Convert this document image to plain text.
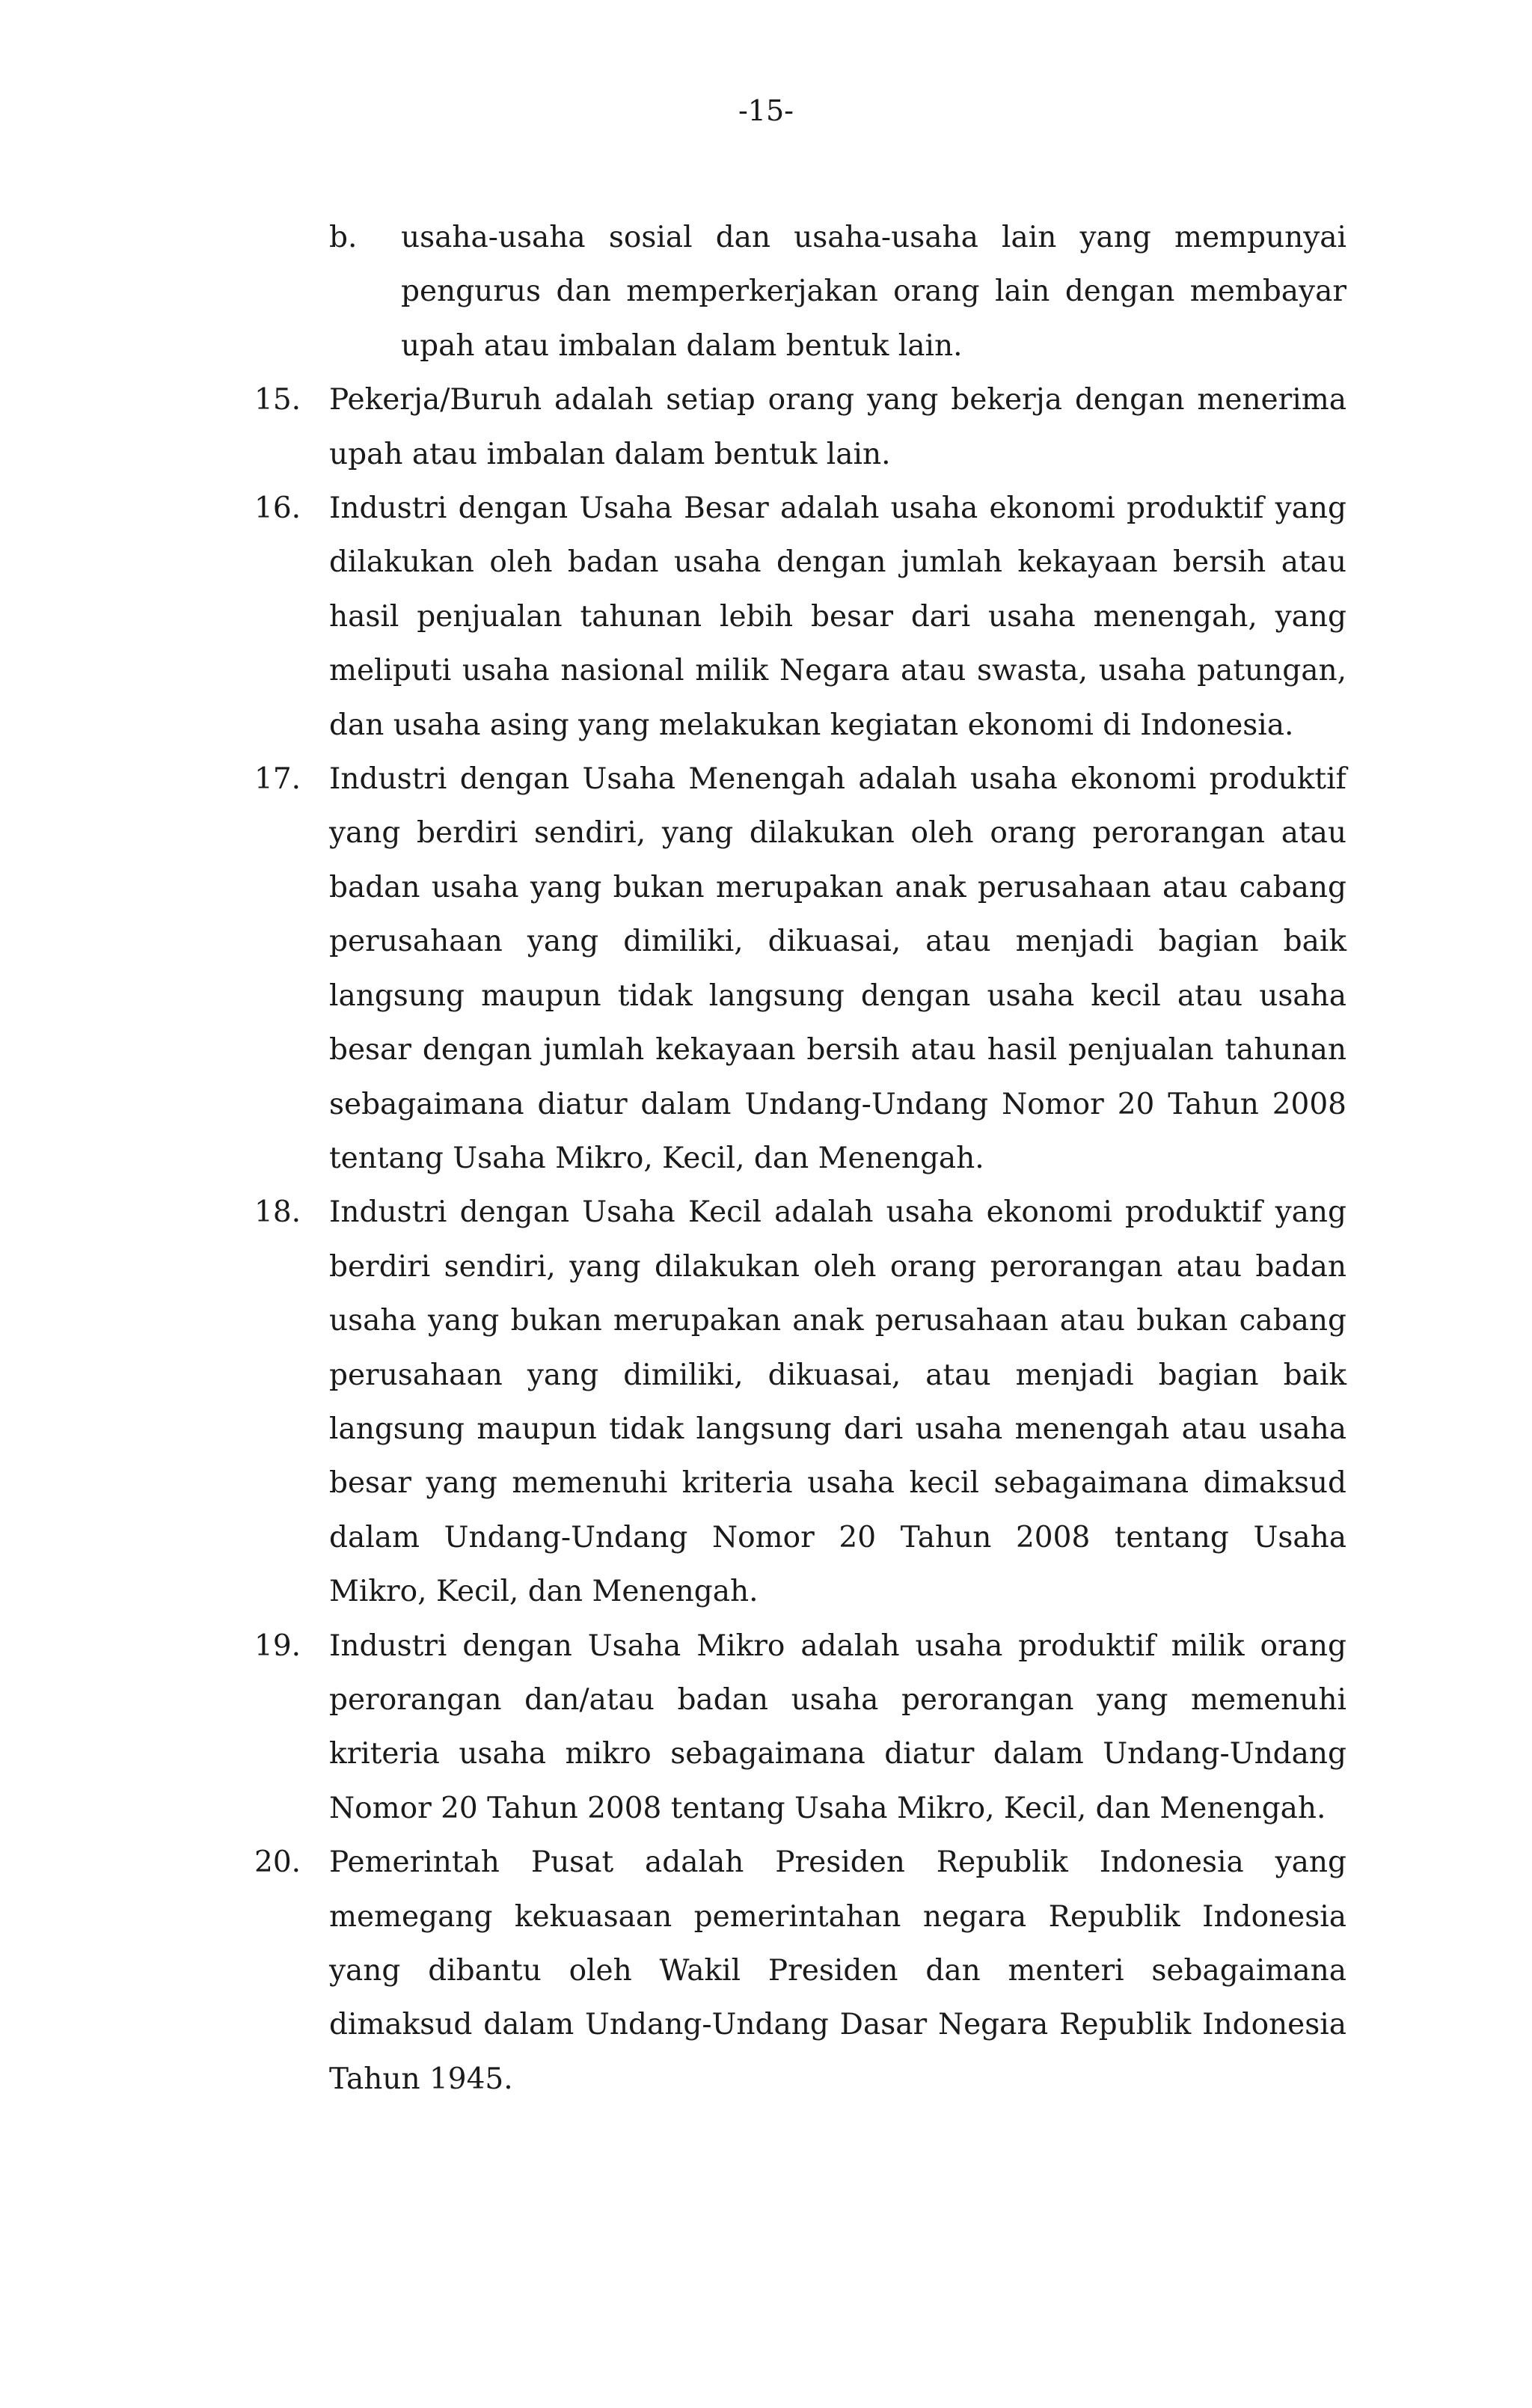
-15-
b.	usaha-usaha sosial dan usaha-usaha lain yang mempunyai pengurus dan memperkerjakan orang lain dengan membayar upah atau imbalan dalam bentuk lain.
15. Pekerja/Buruh adalah setiap orang yang bekerja dengan menerima upah atau imbalan dalam bentuk lain.
16. Industri dengan Usaha Besar adalah usaha ekonomi produktif yang dilakukan oleh badan usaha dengan jumlah kekayaan bersih atau hasil penjualan tahunan lebih besar dari usaha menengah, yang meliputi usaha nasional milik Negara atau swasta, usaha patungan, dan usaha asing yang melakukan kegiatan ekonomi di Indonesia.
17. Industri dengan Usaha Menengah adalah usaha ekonomi produktif yang berdiri sendiri, yang dilakukan oleh orang perorangan atau badan usaha yang bukan merupakan anak perusahaan atau cabang perusahaan yang dimiliki, dikuasai, atau menjadi bagian baik langsung maupun tidak langsung dengan usaha kecil atau usaha besar dengan jumlah kekayaan bersih atau hasil penjualan tahunan sebagaimana diatur dalam Undang-Undang Nomor 20 Tahun 2008 tentang Usaha Mikro, Kecil, dan Menengah.
18. Industri dengan Usaha Kecil adalah usaha ekonomi produktif yang berdiri sendiri, yang dilakukan oleh orang perorangan atau badan usaha yang bukan merupakan anak perusahaan atau bukan cabang perusahaan yang dimiliki, dikuasai, atau menjadi bagian baik langsung maupun tidak langsung dari usaha menengah atau usaha besar yang memenuhi kriteria usaha kecil sebagaimana dimaksud dalam Undang-Undang Nomor 20 Tahun 2008 tentang Usaha Mikro, Kecil, dan Menengah.
19. Industri dengan Usaha Mikro adalah usaha produktif milik orang perorangan dan/atau badan usaha perorangan yang memenuhi kriteria usaha mikro sebagaimana diatur dalam Undang-Undang Nomor 20 Tahun 2008 tentang Usaha Mikro, Kecil, dan Menengah.
20. Pemerintah Pusat adalah Presiden Republik Indonesia yang memegang kekuasaan pemerintahan negara Republik Indonesia yang dibantu oleh Wakil Presiden dan menteri sebagaimana dimaksud dalam Undang-Undang Dasar Negara Republik Indonesia Tahun 1945.
